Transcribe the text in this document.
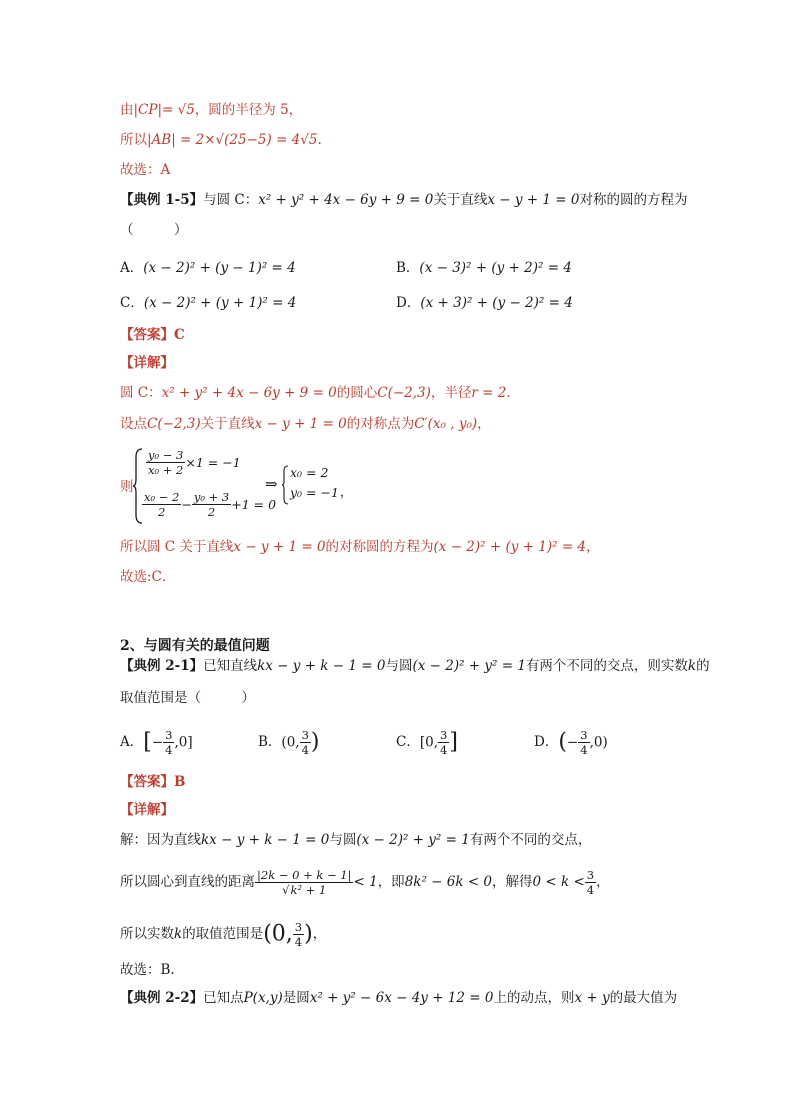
由|CP|= √5，圆的半径为 5，
所以|AB| = 2×√(25−5) = 4√5.
故选：A
【典例 1-5】与圆 C：x² + y² + 4x − 6y + 9 = 0关于直线x − y + 1 = 0对称的圆的方程为
（　　　）
A．(x − 2)² + (y − 1)² = 4	B．(x − 3)² + (y + 2)² = 4
C．(x − 2)² + (y + 1)² = 4	D．(x + 3)² + (y − 2)² = 4
【答案】C
【详解】
圆 C：x² + y² + 4x − 6y + 9 = 0的圆心C(−2,3)，半径r = 2．
设点C(−2,3)关于直线x − y + 1 = 0的对称点为C′(x₀ , y₀)，
则
$\frac{\text{y₀ − 3}}{\text{x₀ + 2}} \times 1 = -1$
$\frac{\text{x₀ − 2}}{2} - \frac{\text{y₀ + 3}}{2} +1 = 0$
⇒
x₀ = 2
y₀ = −1 ，
所以圆 C 关于直线x − y + 1 = 0的对称圆的方程为(x − 2)² + (y + 1)² = 4，
故选:C．
2、与圆有关的最值问题
【典例 2-1】已知直线kx − y + k − 1 = 0与圆(x − 2)² + y² = 1有两个不同的交点，则实数k的
取值范围是（　　　）
A．[− $\frac{3}{4} ,0$]	B．(0, $\frac{3}{4}$ )	C．[0, $\frac{3}{4}$ ]	D．(− $\frac{3}{4} ,0$)
【答案】B
【详解】
解：因为直线kx − y + k − 1 = 0与圆(x − 2)² + y² = 1有两个不同的交点，
所以圆心到直线的距离 $\frac{|2k - 0 + k - 1|}{\text{√k² + 1}} < 1$，即8k² − 6k < 0，解得$0 < k < \frac{3}{4}$ ，
所以实数k的取值范围是(0, $\frac{3}{4}$ )，
故选：B.
【典例 2-2】已知点P(x,y)是圆x² + y² − 6x − 4y + 12 = 0上的动点，则x + y的最大值为
